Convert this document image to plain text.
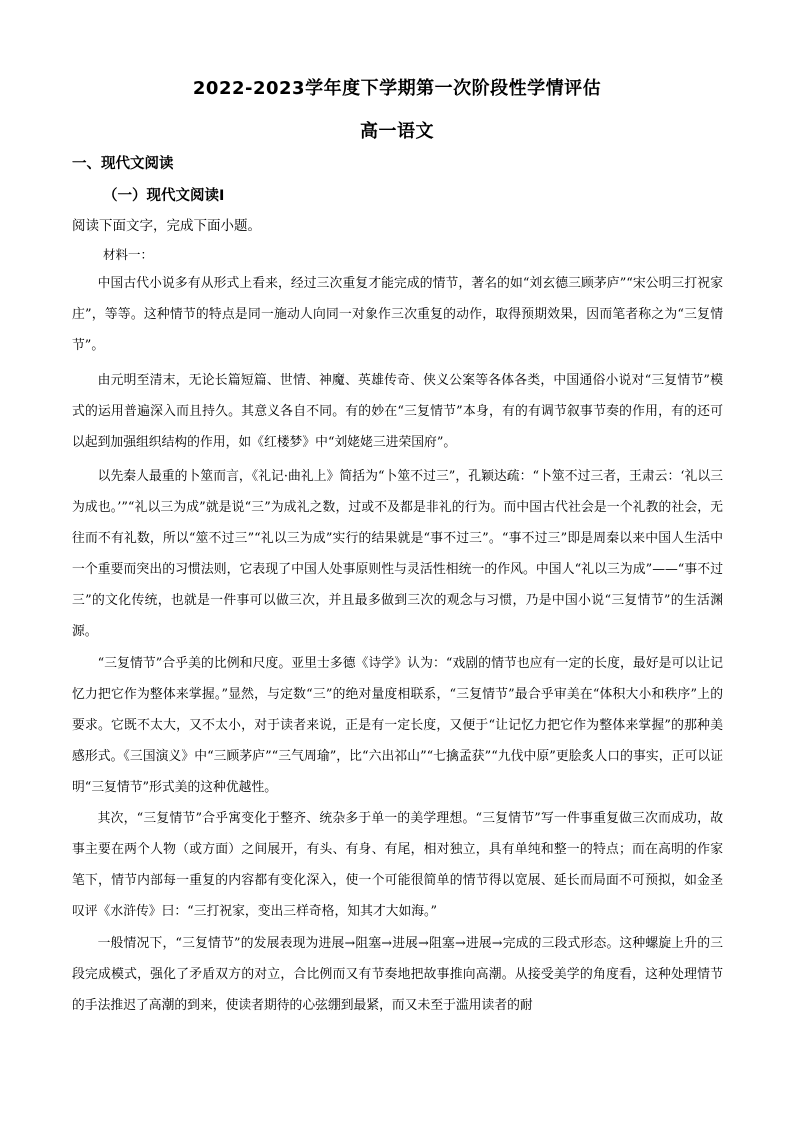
2022-2023学年度下学期第一次阶段性学情评估
高一语文
一、现代文阅读
（一）现代文阅读Ⅰ
阅读下面文字，完成下面小题。
材料一：

中国古代小说多有从形式上看来，经过三次重复才能完成的情节，著名的如“刘玄德三顾茅庐”“宋公明三打祝家庄”，等等。这种情节的特点是同一施动人向同一对象作三次重复的动作，取得预期效果，因而笔者称之为“三复情节”。

由元明至清末，无论长篇短篇、世情、神魔、英雄传奇、侠义公案等各体各类，中国通俗小说对“三复情节”模式的运用普遍深入而且持久。其意义各自不同。有的妙在“三复情节”本身，有的有调节叙事节奏的作用，有的还可以起到加强组织结构的作用，如《红楼梦》中“刘姥姥三进荣国府”。

以先秦人最重的卜筮而言，《礼记·曲礼上》简括为“卜筮不过三”，孔颖达疏：“卜筮不过三者，王肃云：‘礼以三为成也。’”“礼以三为成”就是说“三”为成礼之数，过或不及都是非礼的行为。而中国古代社会是一个礼教的社会，无往而不有礼数，所以“筮不过三”“礼以三为成”实行的结果就是“事不过三”。“事不过三”即是周秦以来中国人生活中一个重要而突出的习惯法则，它表现了中国人处事原则性与灵活性相统一的作风。中国人“礼以三为成”——“事不过三”的文化传统，也就是一件事可以做三次，并且最多做到三次的观念与习惯，乃是中国小说“三复情节”的生活渊源。

“三复情节”合乎美的比例和尺度。亚里士多德《诗学》认为：“戏剧的情节也应有一定的长度，最好是可以让记忆力把它作为整体来掌握。”显然，与定数“三”的绝对量度相联系，“三复情节”最合乎审美在“体积大小和秩序”上的要求。它既不太大，又不太小，对于读者来说，正是有一定长度，又便于“让记忆力把它作为整体来掌握”的那种美感形式。《三国演义》中“三顾茅庐”“三气周瑜”，比“六出祁山”“七擒孟获”“九伐中原”更脍炙人口的事实，正可以证明“三复情节”形式美的这种优越性。

其次，“三复情节”合乎寓变化于整齐、统杂多于单一的美学理想。“三复情节”写一件事重复做三次而成功，故事主要在两个人物（或方面）之间展开，有头、有身、有尾，相对独立，具有单纯和整一的特点；而在高明的作家笔下，情节内部每一重复的内容都有变化深入，使一个可能很简单的情节得以宽展、延长而局面不可预拟，如金圣叹评《水浒传》曰：“三打祝家，变出三样奇格，知其才大如海。”

一般情况下，“三复情节”的发展表现为进展→阻塞→进展→阻塞→进展→完成的三段式形态。这种螺旋上升的三段完成模式，强化了矛盾双方的对立，合比例而又有节奏地把故事推向高潮。从接受美学的角度看，这种处理情节的手法推迟了高潮的到来，使读者期待的心弦绷到最紧，而又未至于滥用读者的耐
